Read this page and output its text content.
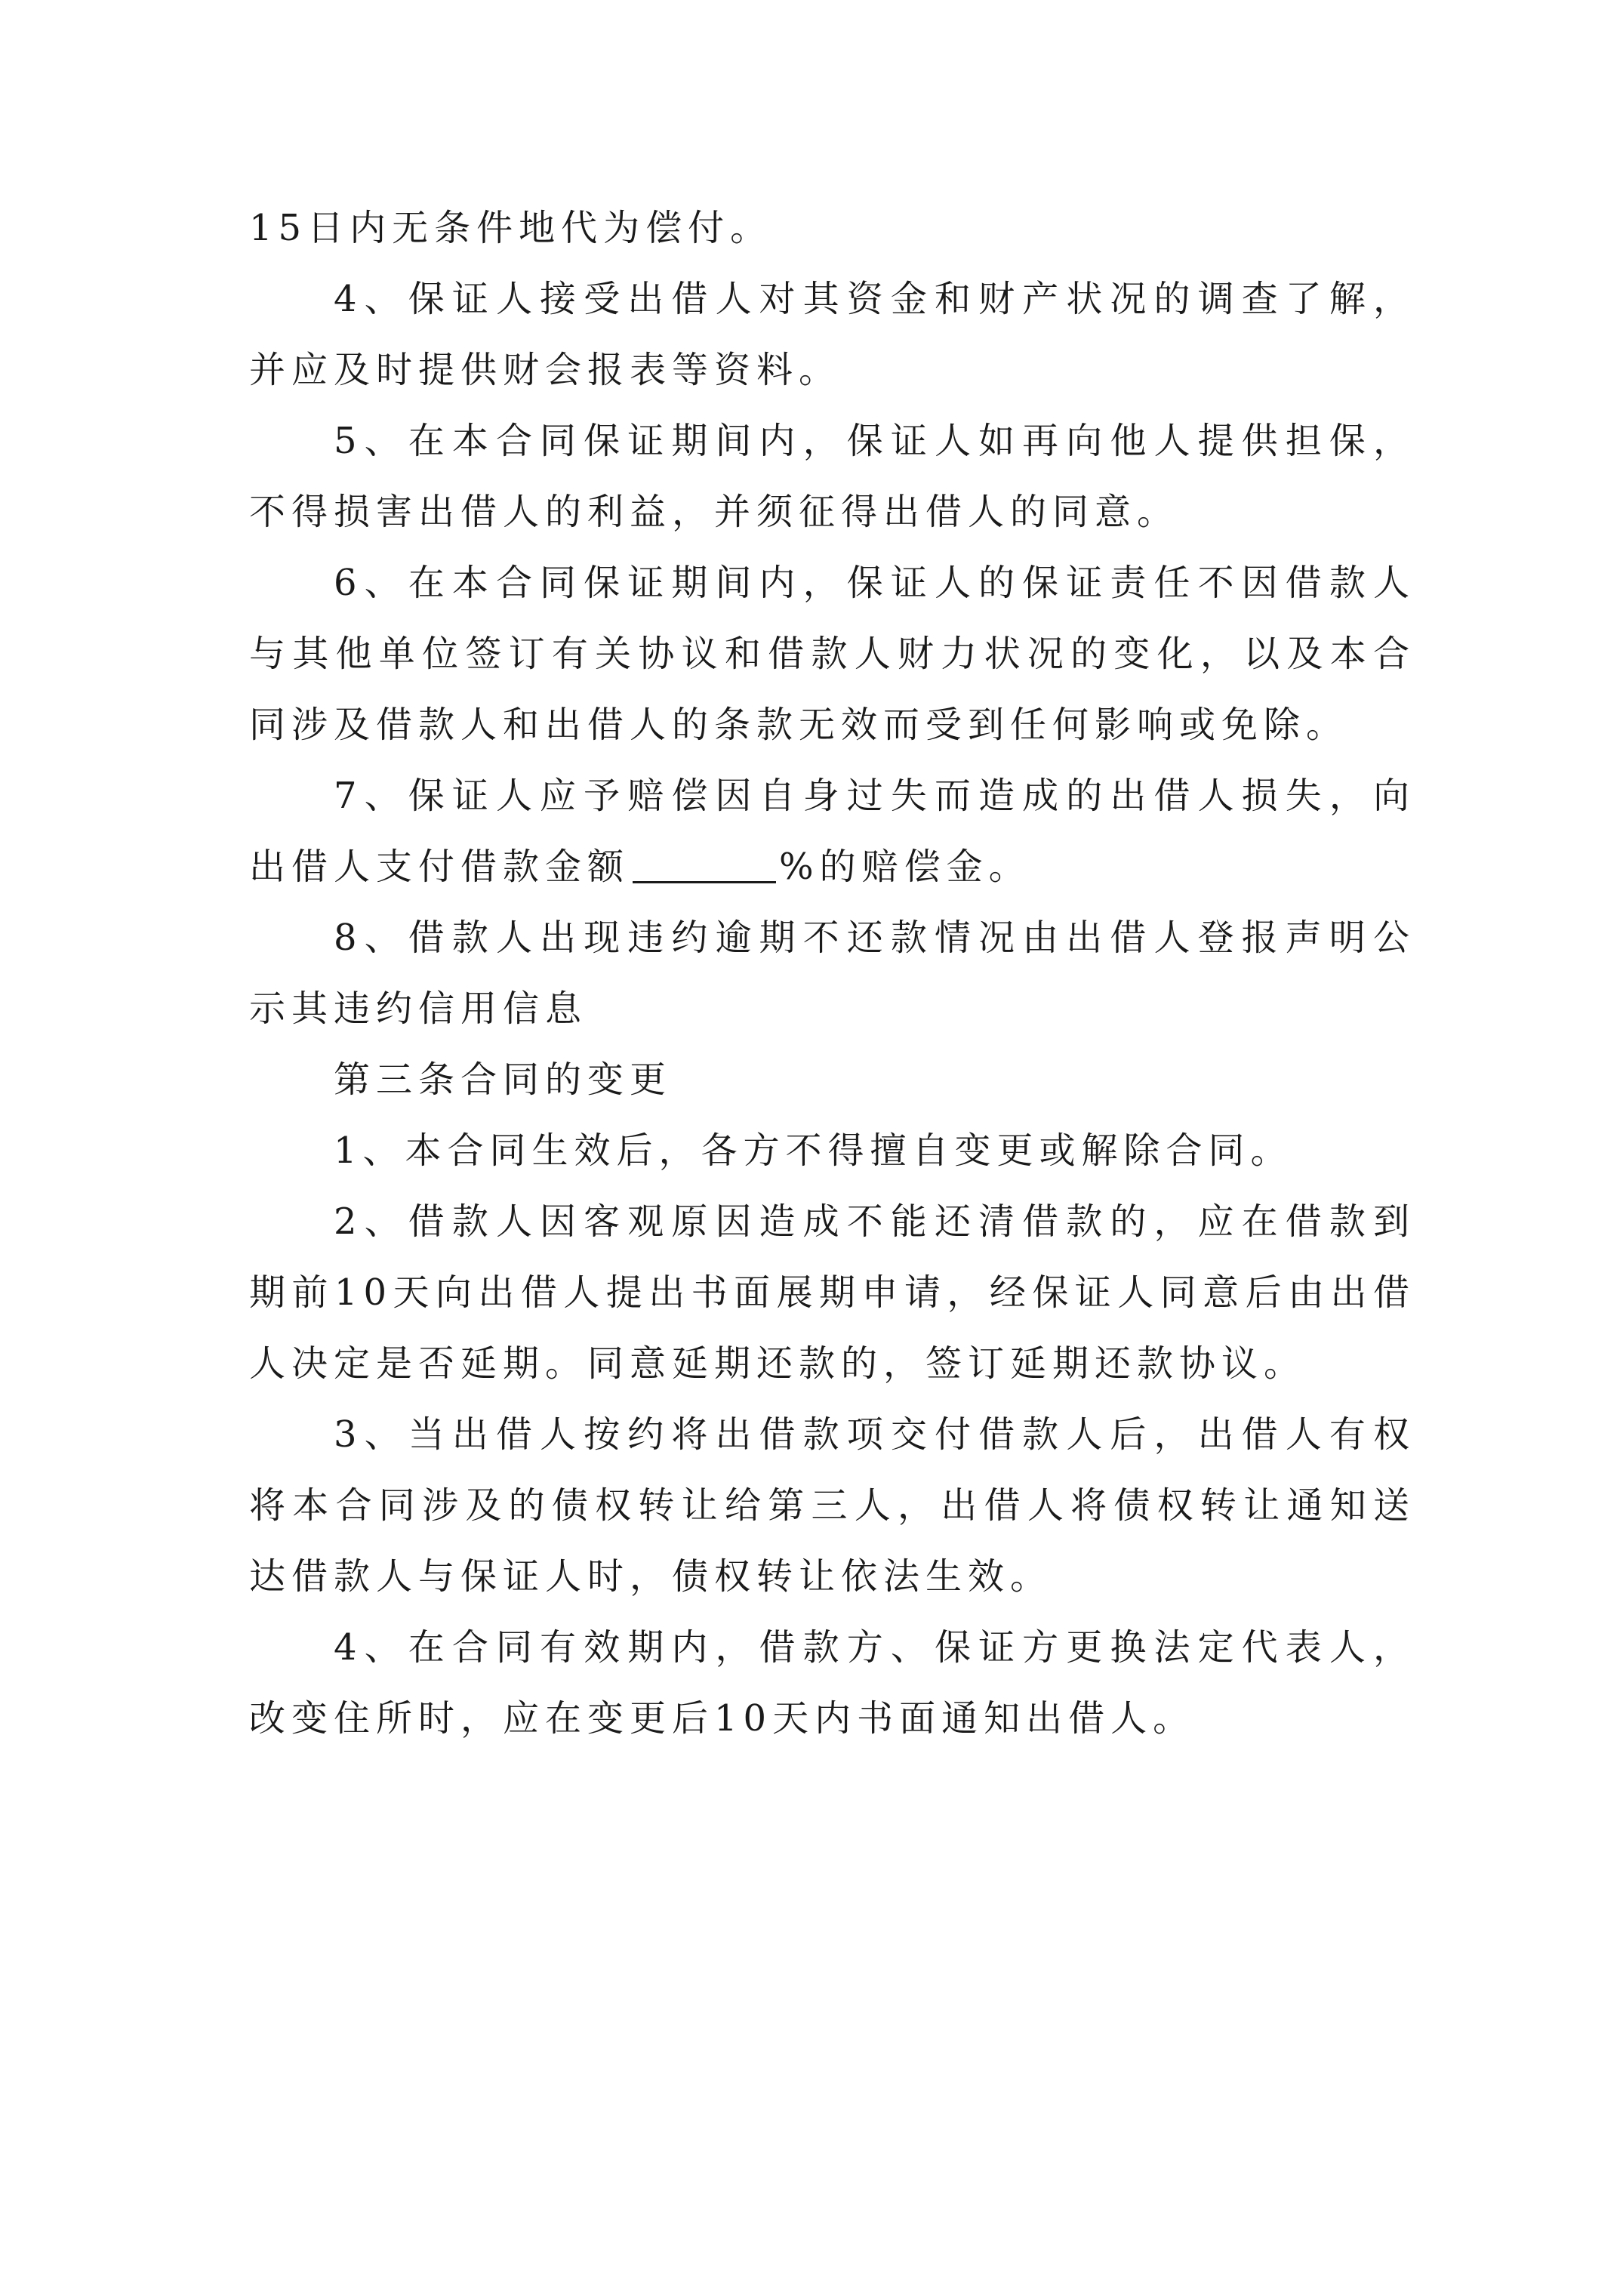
15日内无条件地代为偿付。

4、保证人接受出借人对其资金和财产状况的调查了解，并应及时提供财会报表等资料。

5、在本合同保证期间内，保证人如再向他人提供担保，不得损害出借人的利益，并须征得出借人的同意。

6、在本合同保证期间内，保证人的保证责任不因借款人与其他单位签订有关协议和借款人财力状况的变化，以及本合同涉及借款人和出借人的条款无效而受到任何影响或免除。

7、保证人应予赔偿因自身过失而造成的出借人损失，向出借人支付借款金额	%的赔偿金。

8、借款人出现违约逾期不还款情况由出借人登报声明公示其违约信用信息

第三条合同的变更

1、本合同生效后，各方不得擅自变更或解除合同。

2、借款人因客观原因造成不能还清借款的，应在借款到期前10天向出借人提出书面展期申请，经保证人同意后由出借人决定是否延期。同意延期还款的，签订延期还款协议。

3、当出借人按约将出借款项交付借款人后，出借人有权将本合同涉及的债权转让给第三人，出借人将债权转让通知送达借款人与保证人时，债权转让依法生效。

4、在合同有效期内，借款方、保证方更换法定代表人，改变住所时，应在变更后10天内书面通知出借人。
